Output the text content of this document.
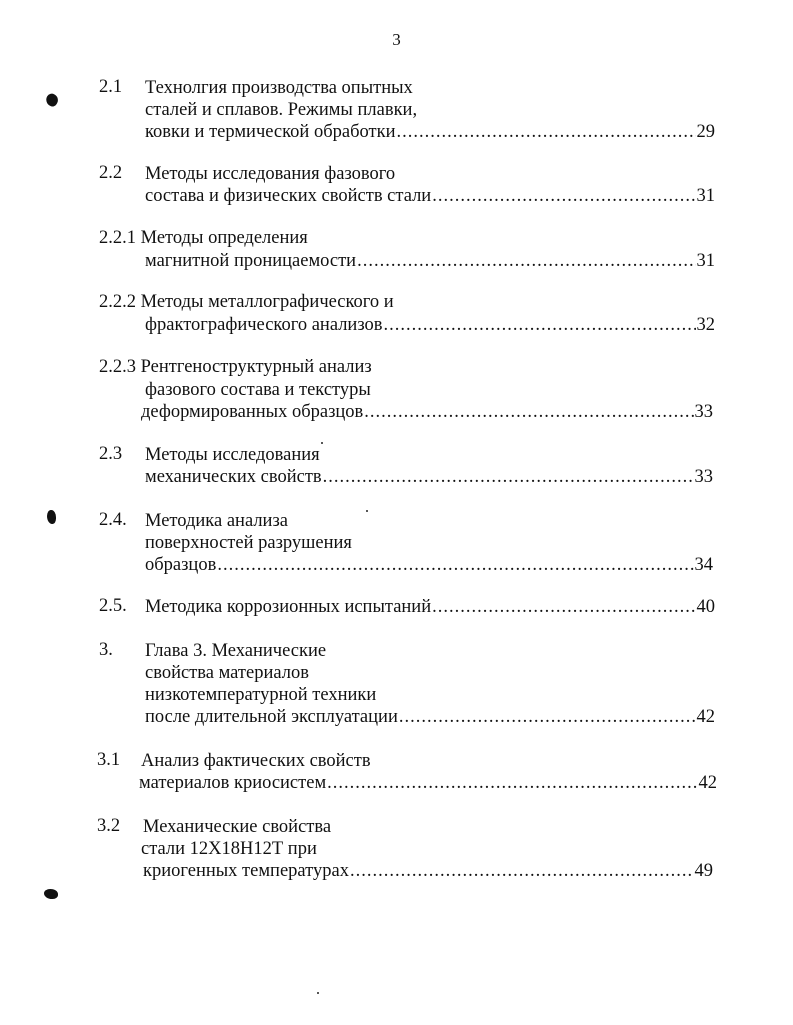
3
2.1 Технолгия производства опытных
сталей и сплавов. Режимы плавки,
ковки и термической обработки .....	29
2.2 Методы исследования фазового
состава и физических свойств стали .....	31
2.2.1 Методы определения
магнитной проницаемости .....	31
2.2.2 Методы металлографического и
фрактографического анализов .....	32
2.2.3 Рентгеноструктурный анализ
фазового состава и текстуры
деформированных образцов .....	33
2.3 Методы исследования
механических свойств .....	33
2.4. Методика анализа
поверхностей разрушения
образцов .....	34
2.5. Методика коррозионных испытаний .....	40
3. Глава 3. Механические
свойства материалов
низкотемпературной техники
после длительной эксплуатации .....	42
3.1 Анализ фактических свойств
материалов криосистем .....	42
3.2 Механические свойства
стали 12Х18Н12Т при
криогенных температурах .....	49
